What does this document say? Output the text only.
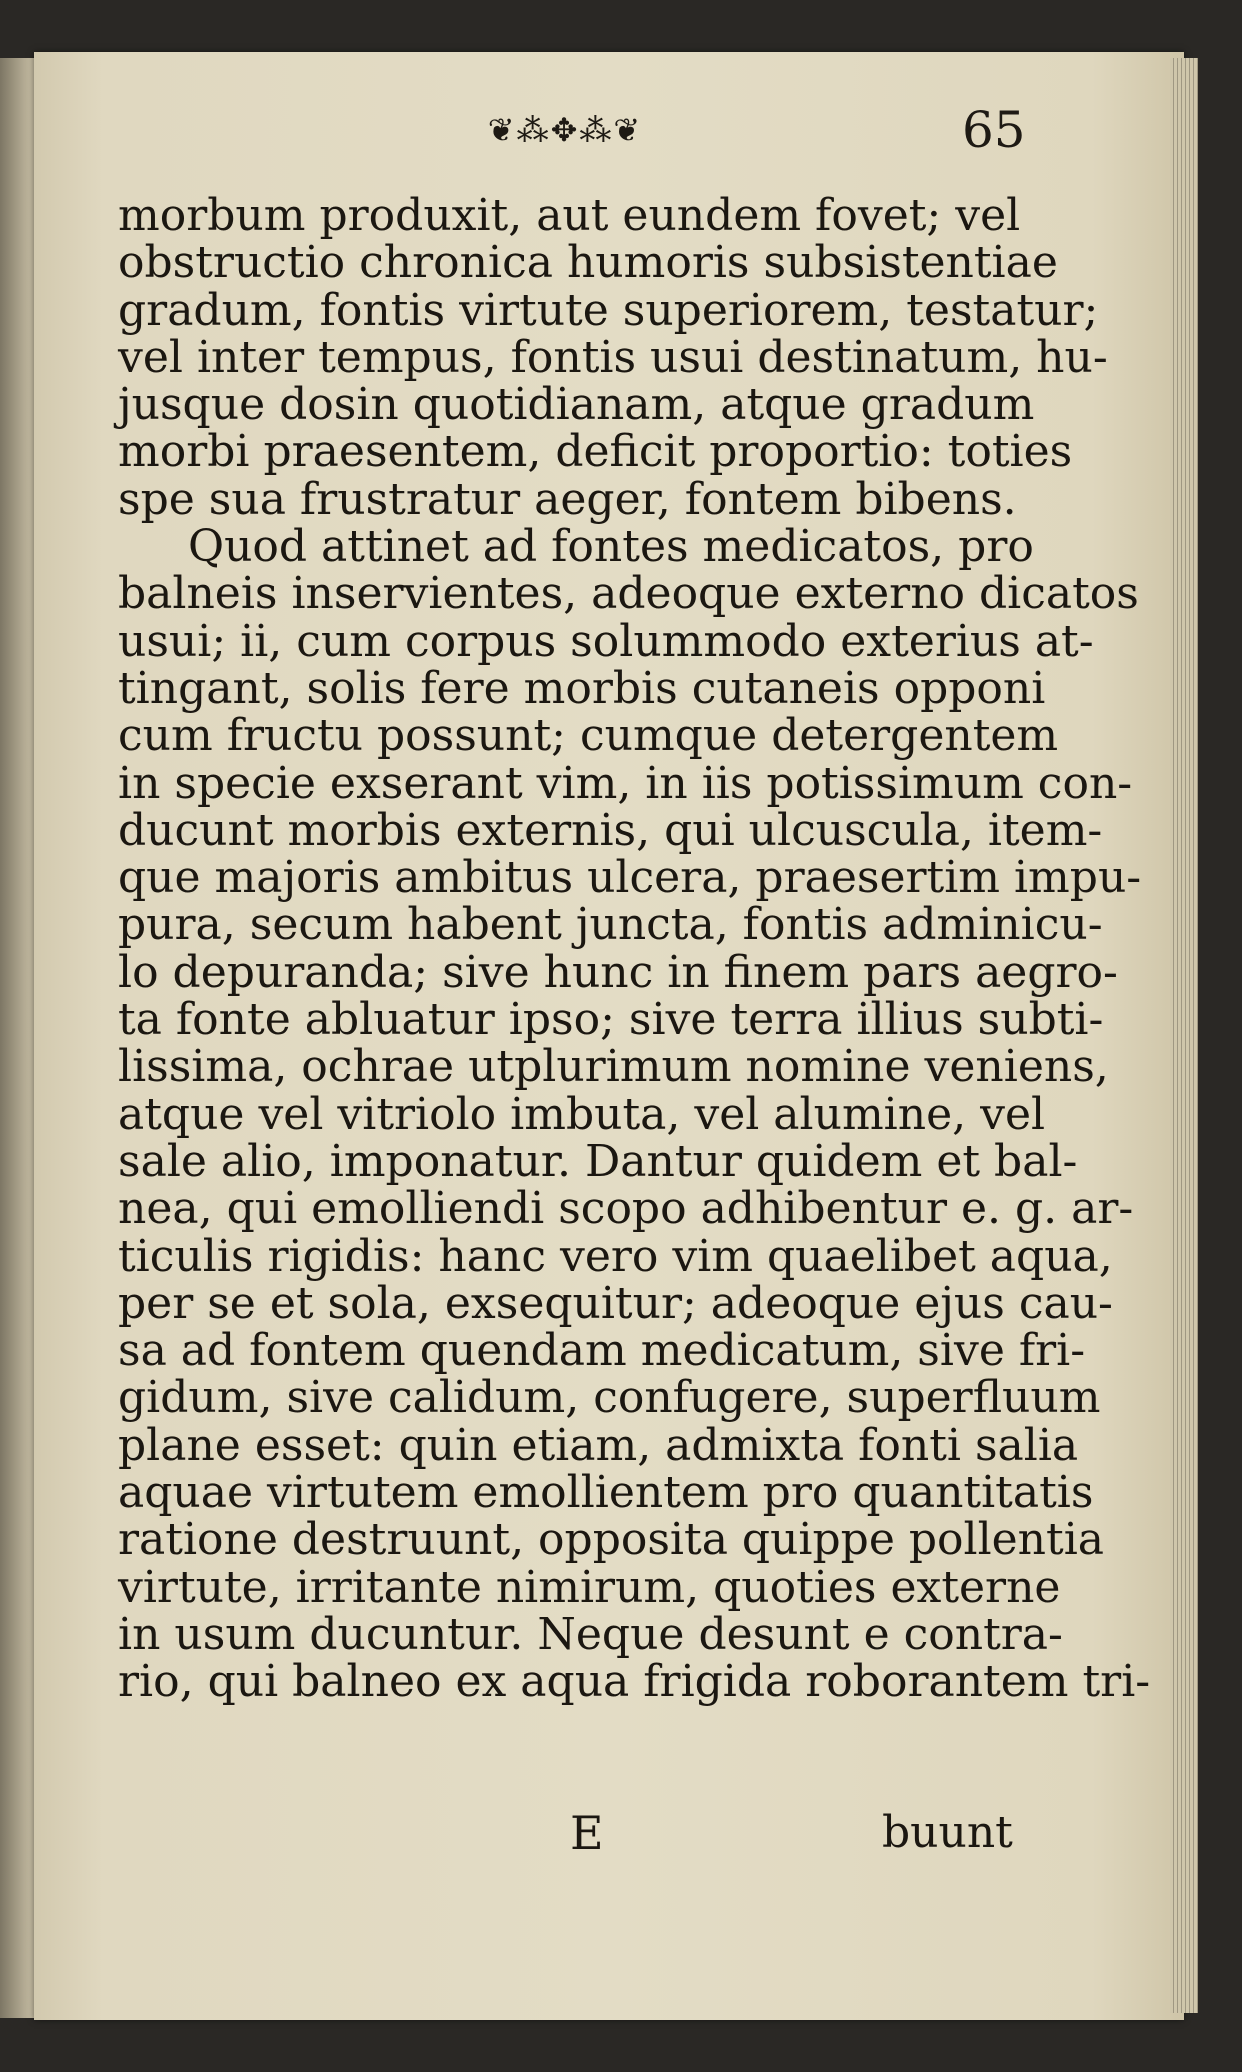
❦⁂✥⁂❦	65
morbum produxit, aut eundem fovet; vel
obstructio chronica humoris subsistentiae
gradum, fontis virtute superiorem, testatur;
vel inter tempus, fontis usui destinatum, hu-
jusque dosin quotidianam, atque gradum
morbi praesentem, deficit proportio: toties
spe sua frustratur aeger, fontem bibens.
Quod attinet ad fontes medicatos, pro
balneis inservientes, adeoque externo dicatos
usui; ii, cum corpus solummodo exterius at-
tingant, solis fere morbis cutaneis opponi
cum fructu possunt; cumque detergentem
in specie exserant vim, in iis potissimum con-
ducunt morbis externis, qui ulcuscula, item-
que majoris ambitus ulcera, praesertim impu-
pura, secum habent juncta, fontis adminicu-
lo depuranda; sive hunc in finem pars aegro-
ta fonte abluatur ipso; sive terra illius subti-
lissima, ochrae utplurimum nomine veniens,
atque vel vitriolo imbuta, vel alumine, vel
sale alio, imponatur. Dantur quidem et bal-
nea, qui emolliendi scopo adhibentur e. g. ar-
ticulis rigidis: hanc vero vim quaelibet aqua,
per se et sola, exsequitur; adeoque ejus cau-
sa ad fontem quendam medicatum, sive fri-
gidum, sive calidum, confugere, superfluum
plane esset: quin etiam, admixta fonti salia
aquae virtutem emollientem pro quantitatis
ratione destruunt, opposita quippe pollentia
virtute, irritante nimirum, quoties externe
in usum ducuntur. Neque desunt e contra-
rio, qui balneo ex aqua frigida roborantem tri-
E	buunt
